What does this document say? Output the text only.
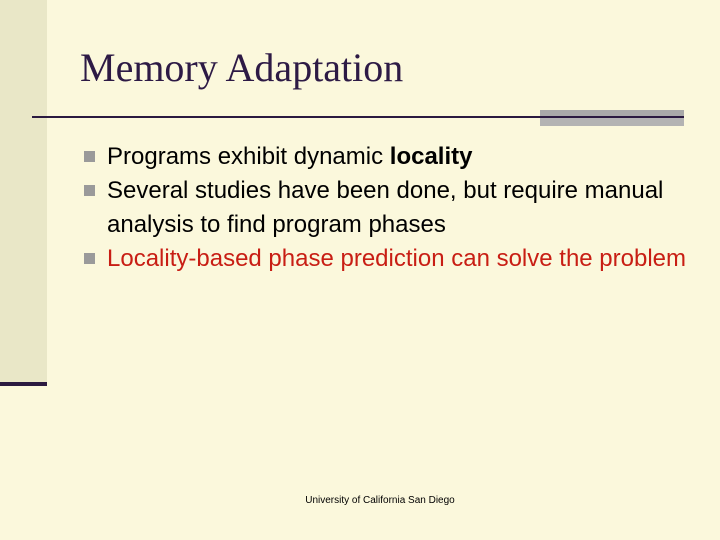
Memory Adaptation
Programs exhibit dynamic locality
Several studies have been done, but require manual analysis to find program phases
Locality-based phase prediction can solve the problem
University of California San Diego
